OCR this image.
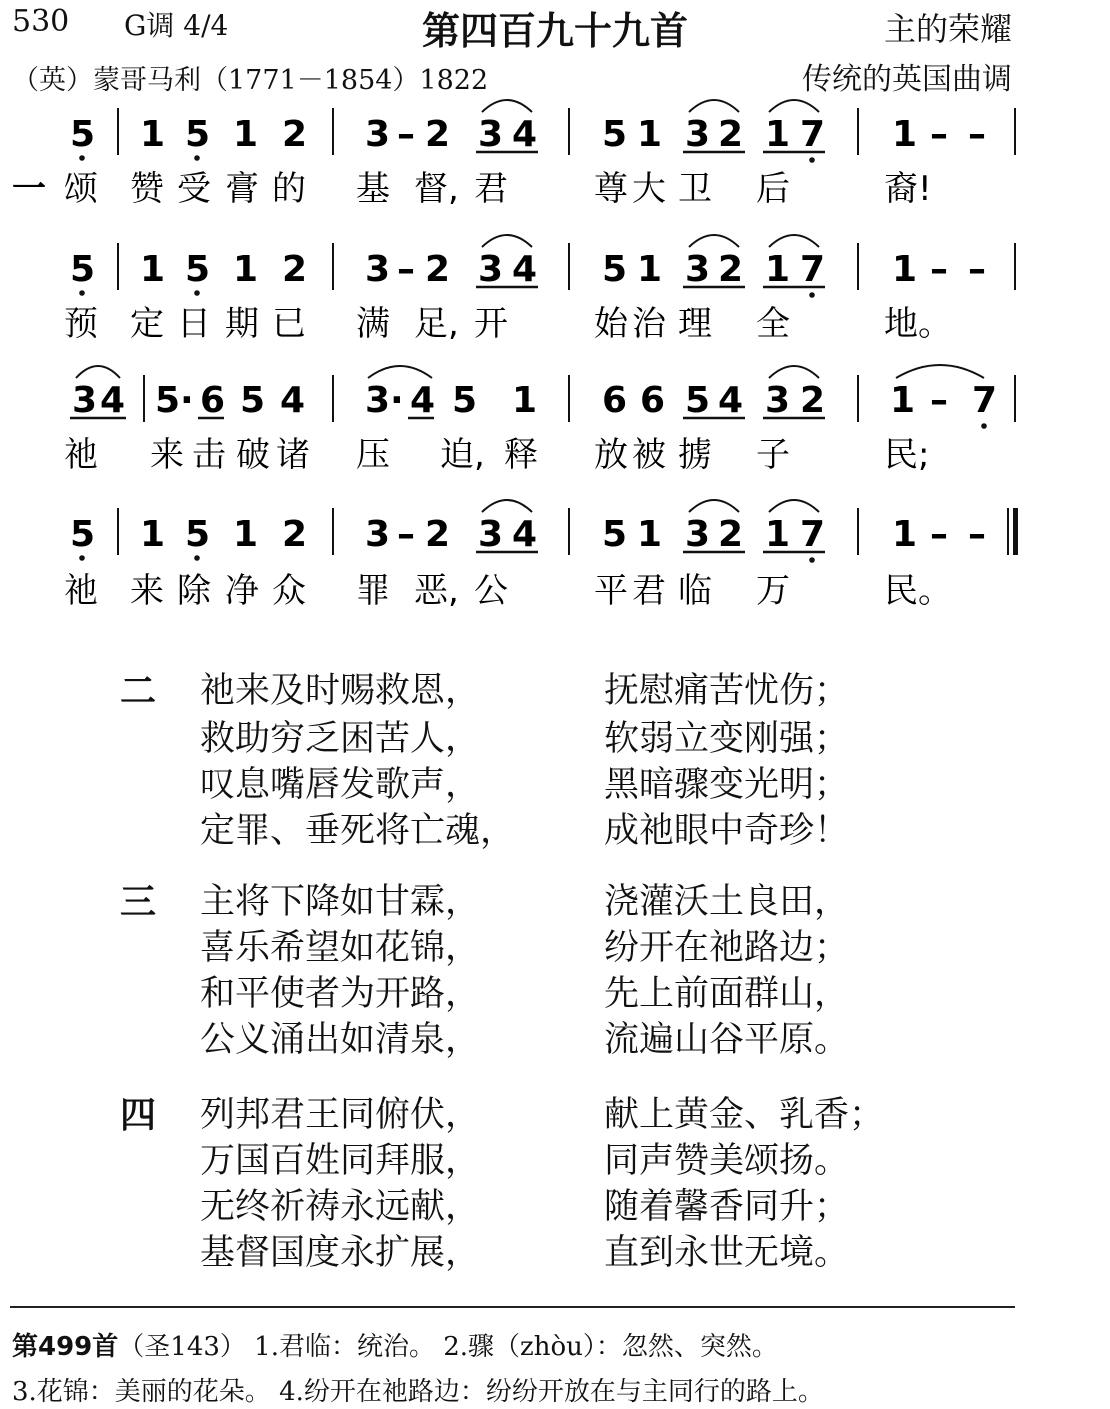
530 G调 4/4	第四百九十九首	主的荣耀
（英）蒙哥马利（1771－1854）1822	传统的英国曲调
5 1 5 1 2 3 – 2 3 4 5 1 3 2 1 7 1 – –
5 1 5 1 2 3 – 2 3 4 5 1 3 2 1 7 1 – –
3 4 5 · 6 5 4 3 · 4 5 1 6 6 5 4 3 2 1 – 7
5 1 5 1 2 3 – 2 3 4 5 1 3 2 1 7 1 – –
一 颂 赞 受 膏 的 基 督, 君	尊 大 卫 后	裔!
预 定 日 期 已 满 足, 开	始 治 理 全	地。
祂 来 击 破 诸 压 迫, 释 放 被 掳 子	民;
祂 来 除 净 众 罪 恶, 公	平 君 临 万	民。
二 祂来及时赐救恩，	抚慰痛苦忧伤；
救助穷乏困苦人，	软弱立变刚强；
叹息嘴唇发歌声，	黑暗骤变光明；
定罪、垂死将亡魂，	成祂眼中奇珍！
三 主将下降如甘霖，	浇灌沃土良田，
喜乐希望如花锦，	纷开在祂路边；
和平使者为开路，	先上前面群山，
公义涌出如清泉，	流遍山谷平原。
四 列邦君王同俯伏，	献上黄金、乳香；
万国百姓同拜服，	同声赞美颂扬。
无终祈祷永远献，	随着馨香同升；
基督国度永扩展，	直到永世无境。
第499首（圣143） 1.君临：统治。 2.骤（zhòu）：忽然、突然。
3.花锦：美丽的花朵。 4.纷开在祂路边：纷纷开放在与主同行的路上。
